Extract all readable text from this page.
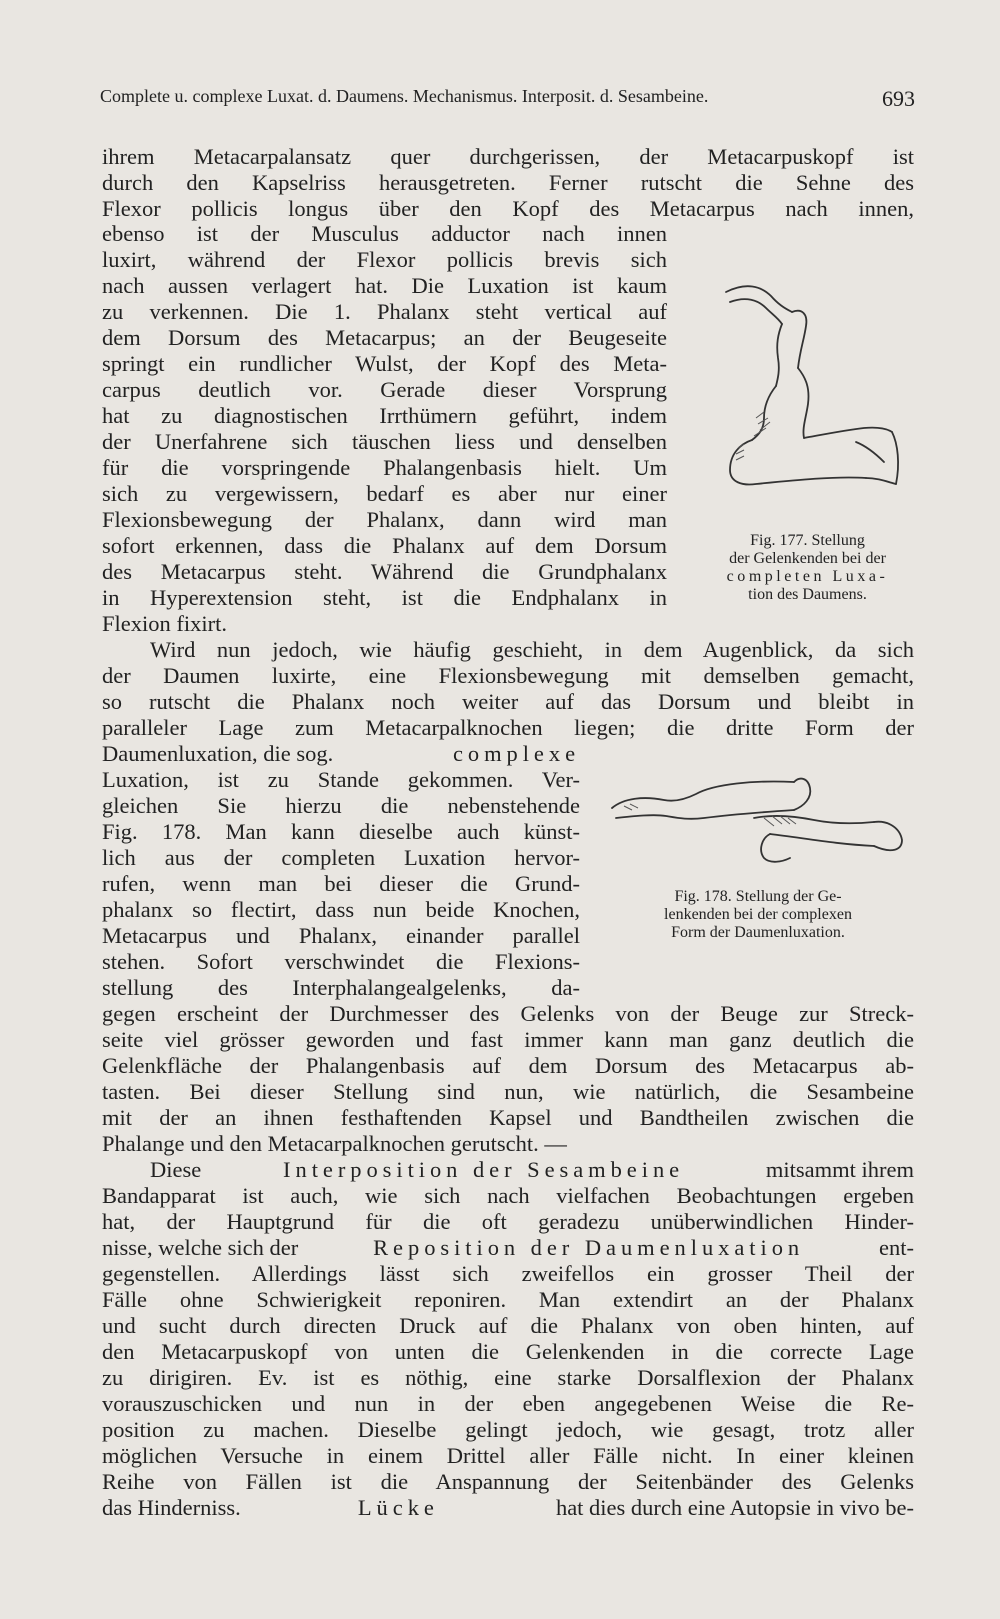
Complete u. complexe Luxat. d. Daumens. Mechanismus. Interposit. d. Sesambeine.	693
ihrem Metacarpalansatz quer durchgerissen, der Metacarpuskopf ist
durch den Kapselriss herausgetreten. Ferner rutscht die Sehne des
Flexor pollicis longus über den Kopf des Metacarpus nach innen,
ebenso ist der Musculus adductor nach innen
luxirt, während der Flexor pollicis brevis sich
nach aussen verlagert hat. Die Luxation ist kaum
zu verkennen. Die 1. Phalanx steht vertical auf
dem Dorsum des Metacarpus; an der Beugeseite
springt ein rundlicher Wulst, der Kopf des Meta-
carpus deutlich vor. Gerade dieser Vorsprung
hat zu diagnostischen Irrthümern geführt, indem
der Unerfahrene sich täuschen liess und denselben
für die vorspringende Phalangenbasis hielt. Um
sich zu vergewissern, bedarf es aber nur einer
Flexionsbewegung der Phalanx, dann wird man
sofort erkennen, dass die Phalanx auf dem Dorsum
des Metacarpus steht. Während die Grundphalanx
in Hyperextension steht, ist die Endphalanx in
Flexion fixirt.
Fig. 177. Stellung
der Gelenkenden bei der
completen Luxa-
tion des Daumens.
Wird nun jedoch, wie häufig geschieht, in dem Augenblick, da sich
der Daumen luxirte, eine Flexionsbewegung mit demselben gemacht,
so rutscht die Phalanx noch weiter auf das Dorsum und bleibt in
paralleler Lage zum Metacarpalknochen liegen; die dritte Form der
Daumenluxation, die sog.	complexe
Luxation, ist zu Stande gekommen. Ver-
gleichen Sie hierzu die nebenstehende
Fig. 178. Man kann dieselbe auch künst-
lich aus der completen Luxation hervor-
rufen, wenn man bei dieser die Grund-
phalanx so flectirt, dass nun beide Knochen,
Metacarpus und Phalanx, einander parallel
stehen. Sofort verschwindet die Flexions-
stellung des Interphalangealgelenks, da-
Fig. 178. Stellung der Ge-
lenkenden bei der complexen
Form der Daumenluxation.
gegen erscheint der Durchmesser des Gelenks von der Beuge zur Streck-
seite viel grösser geworden und fast immer kann man ganz deutlich die
Gelenkfläche der Phalangenbasis auf dem Dorsum des Metacarpus ab-
tasten. Bei dieser Stellung sind nun, wie natürlich, die Sesambeine
mit der an ihnen festhaftenden Kapsel und Bandtheilen zwischen die
Phalange und den Metacarpalknochen gerutscht. —
Diese	Interposition der Sesambeine	mitsammt ihrem
Bandapparat ist auch, wie sich nach vielfachen Beobachtungen ergeben
hat, der Hauptgrund für die oft geradezu unüberwindlichen Hinder-
nisse, welche sich der	Reposition der Daumenluxation	ent-
gegenstellen. Allerdings lässt sich zweifellos ein grosser Theil der
Fälle ohne Schwierigkeit reponiren. Man extendirt an der Phalanx
und sucht durch directen Druck auf die Phalanx von oben hinten, auf
den Metacarpuskopf von unten die Gelenkenden in die correcte Lage
zu dirigiren. Ev. ist es nöthig, eine starke Dorsalflexion der Phalanx
vorauszuschicken und nun in der eben angegebenen Weise die Re-
position zu machen. Dieselbe gelingt jedoch, wie gesagt, trotz aller
möglichen Versuche in einem Drittel aller Fälle nicht. In einer kleinen
Reihe von Fällen ist die Anspannung der Seitenbänder des Gelenks
das Hinderniss.	Lücke	hat dies durch eine Autopsie in vivo be-
